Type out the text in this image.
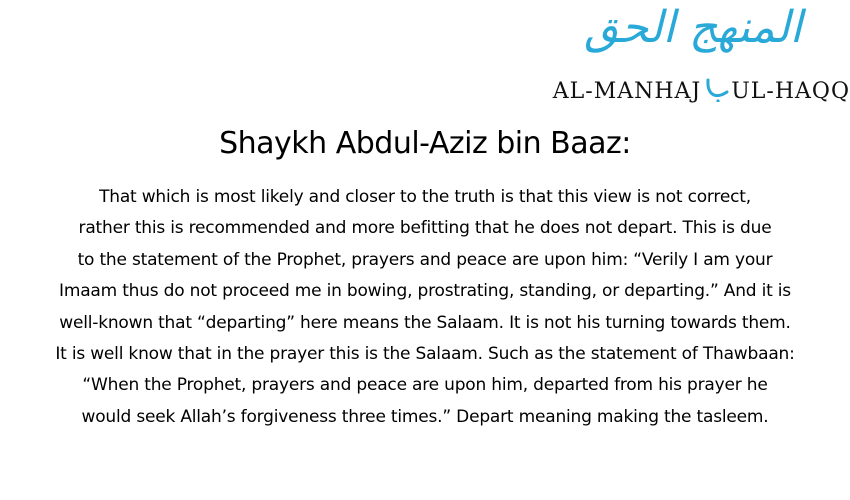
المنهج الحق
AL-MANHAJ UL-HAQQ
Shaykh Abdul-Aziz bin Baaz:
That which is most likely and closer to the truth is that this view is not correct,
rather this is recommended and more befitting that he does not depart. This is due
to the statement of the Prophet, prayers and peace are upon him: “Verily I am your
Imaam thus do not proceed me in bowing, prostrating, standing, or departing.” And it is
well-known that “departing” here means the Salaam. It is not his turning towards them.
It is well know that in the prayer this is the Salaam. Such as the statement of Thawbaan:
“When the Prophet, prayers and peace are upon him, departed from his prayer he
would seek Allah’s forgiveness three times.” Depart meaning making the tasleem.
